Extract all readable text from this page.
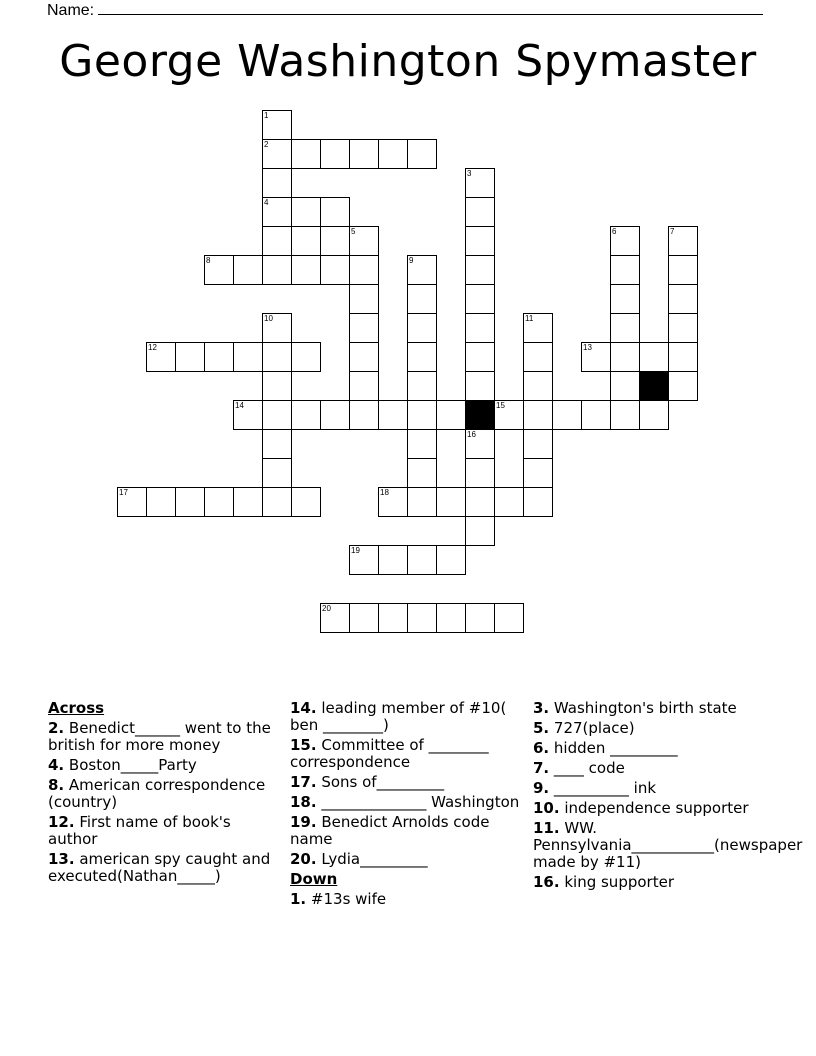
Name:
George Washington Spymaster
1
2
4
8
5
9
3
16
6	7
10
12
11
13
14	15
17	18
19
20
Across
2. Benedict______ went to the british for more money
4. Boston_____Party
8. American correspondence (country)
12. First name of book's author
13. american spy caught and executed(Nathan_____)
14. leading member of #10( ben ________)
15. Committee of ________ correspondence
17. Sons of_________
18. ______________ Washington
19. Benedict Arnolds code name
20. Lydia_________
Down
1. #13s wife
3. Washington's birth state
5. 727(place)
6. hidden _________
7. ____ code
9. __________ ink
10. independence supporter
11. WW. Pennsylvania___________(newspaper made by #11)
16. king supporter
